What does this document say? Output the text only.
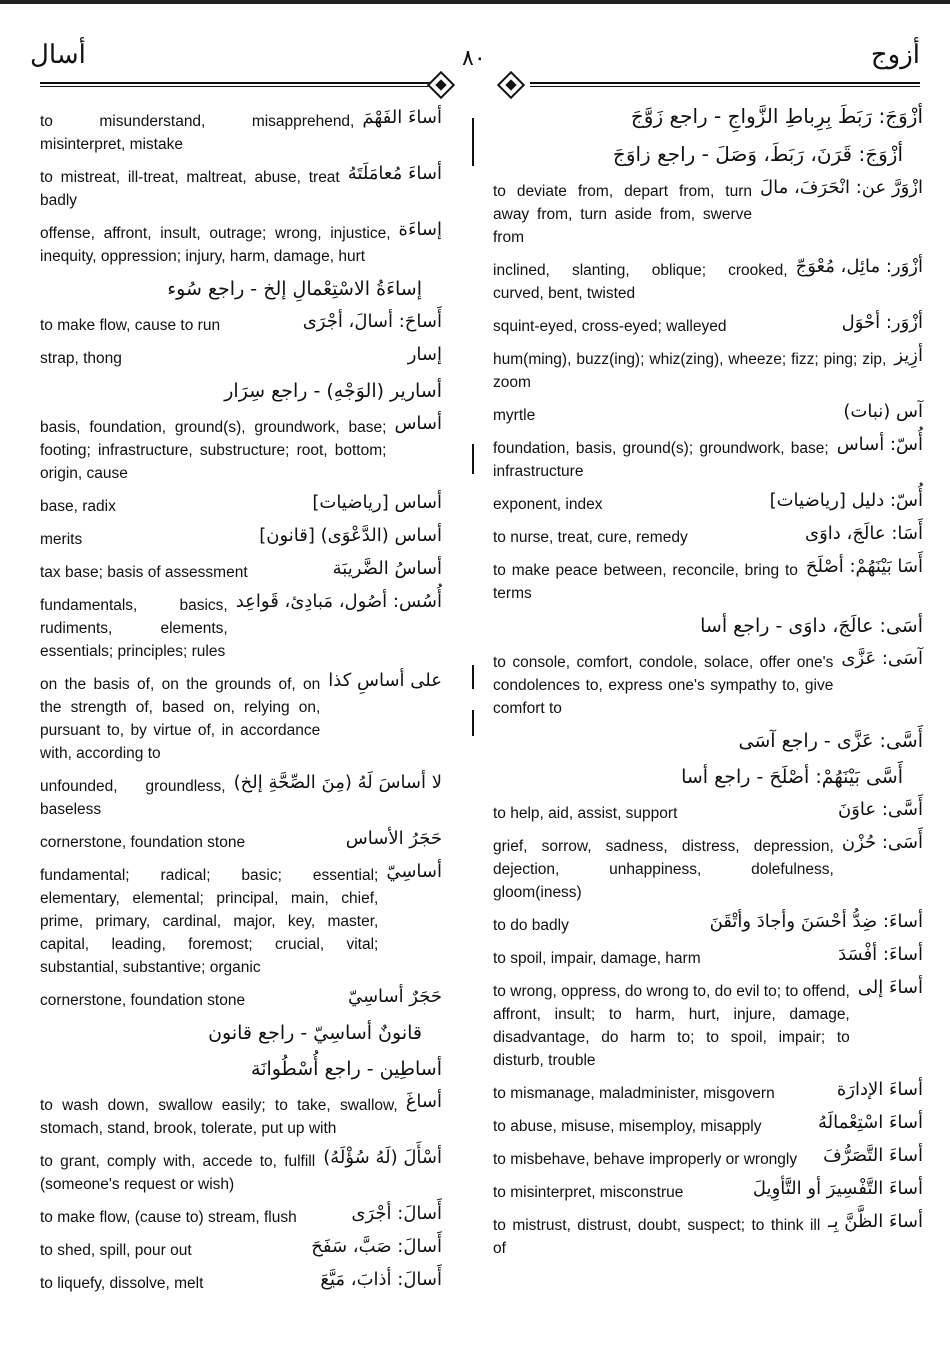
أسال	٨٠	أزوج
أساءَ الفَهْمَ
to misunderstand, misapprehend, misinterpret, mistake
أساءَ مُعامَلَتَهُ
to mistreat, ill-treat, maltreat, abuse, treat badly
إساءَة
offense, affront, insult, outrage; wrong, injustice, inequity, oppression; injury, harm, damage, hurt
إساءَةُ الاسْتِعْمالِ إلخ - راجع سُوء
أَساحَ: أسالَ، أجْرَى
to make flow, cause to run
إسار
strap, thong
أسارير (الوَجْهِ) - راجع سِرَار
أساس
basis, foundation, ground(s), groundwork, base; footing; infrastructure, substructure; root, bottom; origin, cause
أساس [رياضيات]
base, radix
أساس (الدَّعْوَى) [قانون]
merits
أساسُ الضَّريبَة
tax base; basis of assessment
أُسُس: أصُول، مَبادِئ، قَواعِد
fundamentals, basics, rudiments, elements, essentials; principles; rules
على أساسِ كذا
on the basis of, on the grounds of, on the strength of, based on, relying on, pursuant to, by virtue of, in accordance with, according to
لا أساسَ لَهُ (مِنَ الصِّحَّةِ إلخ)
unfounded, groundless, baseless
حَجَرُ الأساس
cornerstone, foundation stone
أساسِيّ
fundamental; radical; basic; essential; elementary, elemental; principal, main, chief, prime, primary, cardinal, major, key, master, capital, leading, foremost; crucial, vital; substantial, substantive; organic
حَجَرٌ أساسِيّ
cornerstone, foundation stone
قانونٌ أساسِيّ - راجع قانون
أساطِين - راجع أُسْطُوانَة
أساغَ
to wash down, swallow easily; to take, swallow, stomach, stand, brook, tolerate, put up with
أسْأَلَ (لَهُ سُؤْلَهُ)
to grant, comply with, accede to, fulfill (someone's request or wish)
أَسالَ: أجْرَى
to make flow, (cause to) stream, flush
أَسالَ: صَبَّ، سَفَحَ
to shed, spill, pour out
أَسالَ: أذابَ، مَيَّعَ
to liquefy, dissolve, melt
أزْوَجَ: رَبَطَ بِرِباطِ الزَّواجِ - راجع زَوَّجَ
أزْوَجَ: قَرَنَ، رَبَطَ، وَصَلَ - راجع زاوَجَ
ازْوَرَّ عن: انْحَرَفَ، مالَ
to deviate from, depart from, turn away from, turn aside from, swerve from
أزْوَر: مائِل، مُعْوَجّ
inclined, slanting, oblique; crooked, curved, bent, twisted
أزْوَر: أحْوَل
squint-eyed, cross-eyed; walleyed
أزِيز
hum(ming), buzz(ing); whiz(zing), wheeze; fizz; ping; zip, zoom
آس (نبات)
myrtle
أُسّ: أساس
foundation, basis, ground(s); groundwork, base; infrastructure
أُسّ: دليل [رياضيات]
exponent, index
أَسَا: عالَجَ، داوَى
to nurse, treat, cure, remedy
أَسَا بَيْنَهُمْ: أصْلَحَ
to make peace between, reconcile, bring to terms
أسَى: عالَجَ، داوَى - راجع أسا
آسَى: عَزَّى
to console, comfort, condole, solace, offer one's condolences to, express one's sympathy to, give comfort to
أَسَّى: عَزَّى - راجع آسَى
أَسَّى بَيْنَهُمْ: أصْلَحَ - راجع أسا
أَسَّى: عاوَنَ
to help, aid, assist, support
أَسَى: حُزْن
grief, sorrow, sadness, distress, depression, dejection, unhappiness, dolefulness, gloom(iness)
أساءَ: ضِدُّ أحْسَنَ وأجادَ وأتْقَنَ
to do badly
أساءَ: أفْسَدَ
to spoil, impair, damage, harm
أساءَ إلى
to wrong, oppress, do wrong to, do evil to; to offend, affront, insult; to harm, hurt, injure, damage, disadvantage, do harm to; to spoil, impair; to disturb, trouble
أساءَ الإدارَة
to mismanage, maladminister, misgovern
أساءَ اسْتِعْمالَهُ
to abuse, misuse, misemploy, misapply
أساءَ التَّصَرُّفَ
to misbehave, behave improperly or wrongly
أساءَ التَّفْسِيرَ أو التَّأوِيلَ
to misinterpret, misconstrue
أساءَ الظَّنَّ بِـ
to mistrust, distrust, doubt, suspect; to think ill of
